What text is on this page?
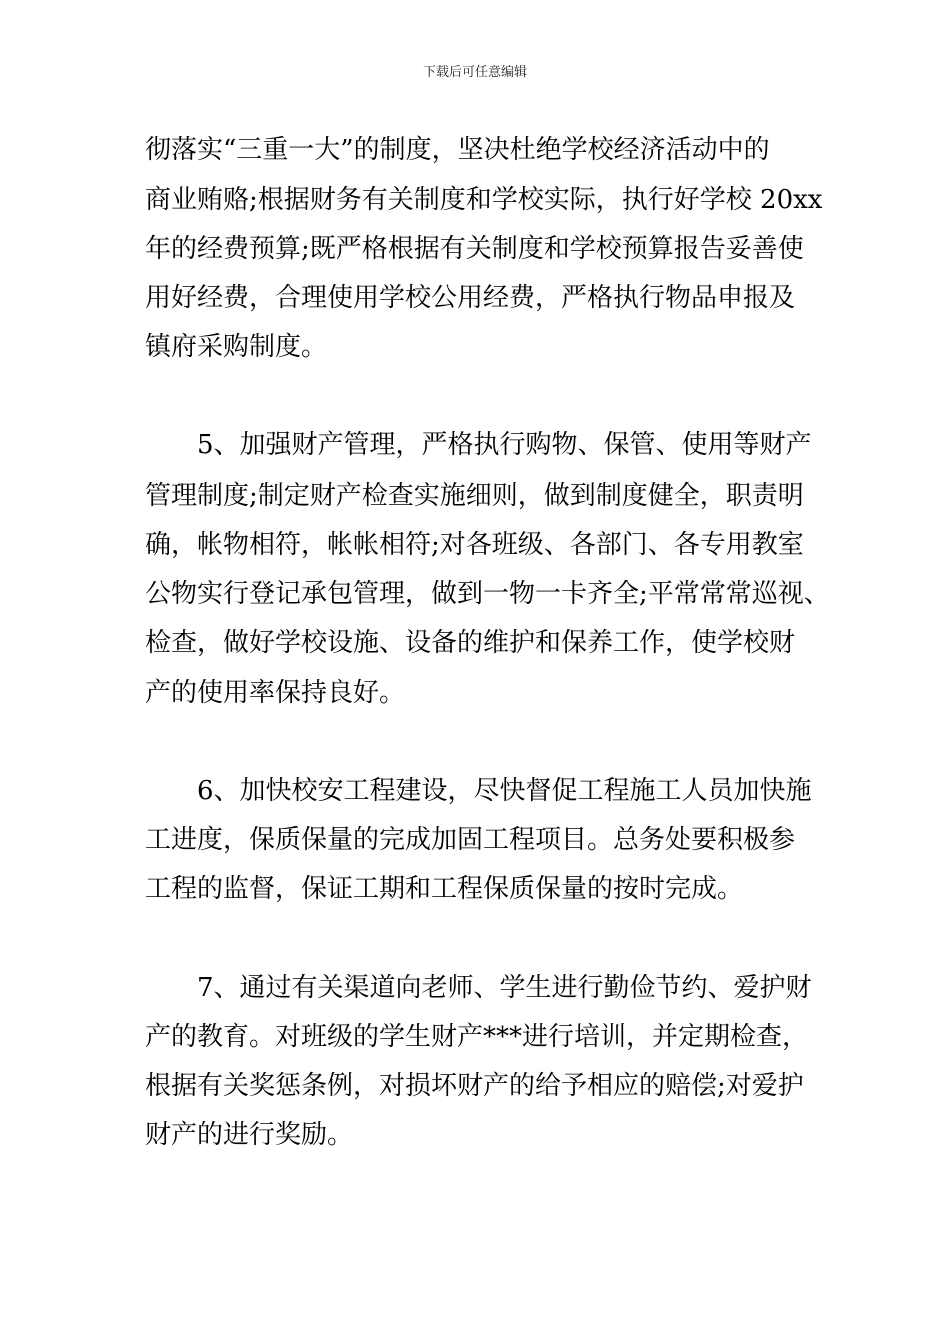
下载后可任意编辑
彻落实“三重一大”的制度，坚决杜绝学校经济活动中的
商业贿赂;根据财务有关制度和学校实际，执行好学校 20xx
年的经费预算;既严格根据有关制度和学校预算报告妥善使
用好经费，合理使用学校公用经费，严格执行物品申报及
镇府采购制度。
5、加强财产管理，严格执行购物、保管、使用等财产
管理制度;制定财产检查实施细则，做到制度健全，职责明
确，帐物相符，帐帐相符;对各班级、各部门、各专用教室
公物实行登记承包管理，做到一物一卡齐全;平常常常巡视、
检查，做好学校设施、设备的维护和保养工作，使学校财
产的使用率保持良好。
6、加快校安工程建设，尽快督促工程施工人员加快施
工进度，保质保量的完成加固工程项目。总务处要积极参
工程的监督，保证工期和工程保质保量的按时完成。
7、通过有关渠道向老师、学生进行勤俭节约、爱护财
产的教育。对班级的学生财产***进行培训，并定期检查，
根据有关奖惩条例，对损坏财产的给予相应的赔偿;对爱护
财产的进行奖励。
